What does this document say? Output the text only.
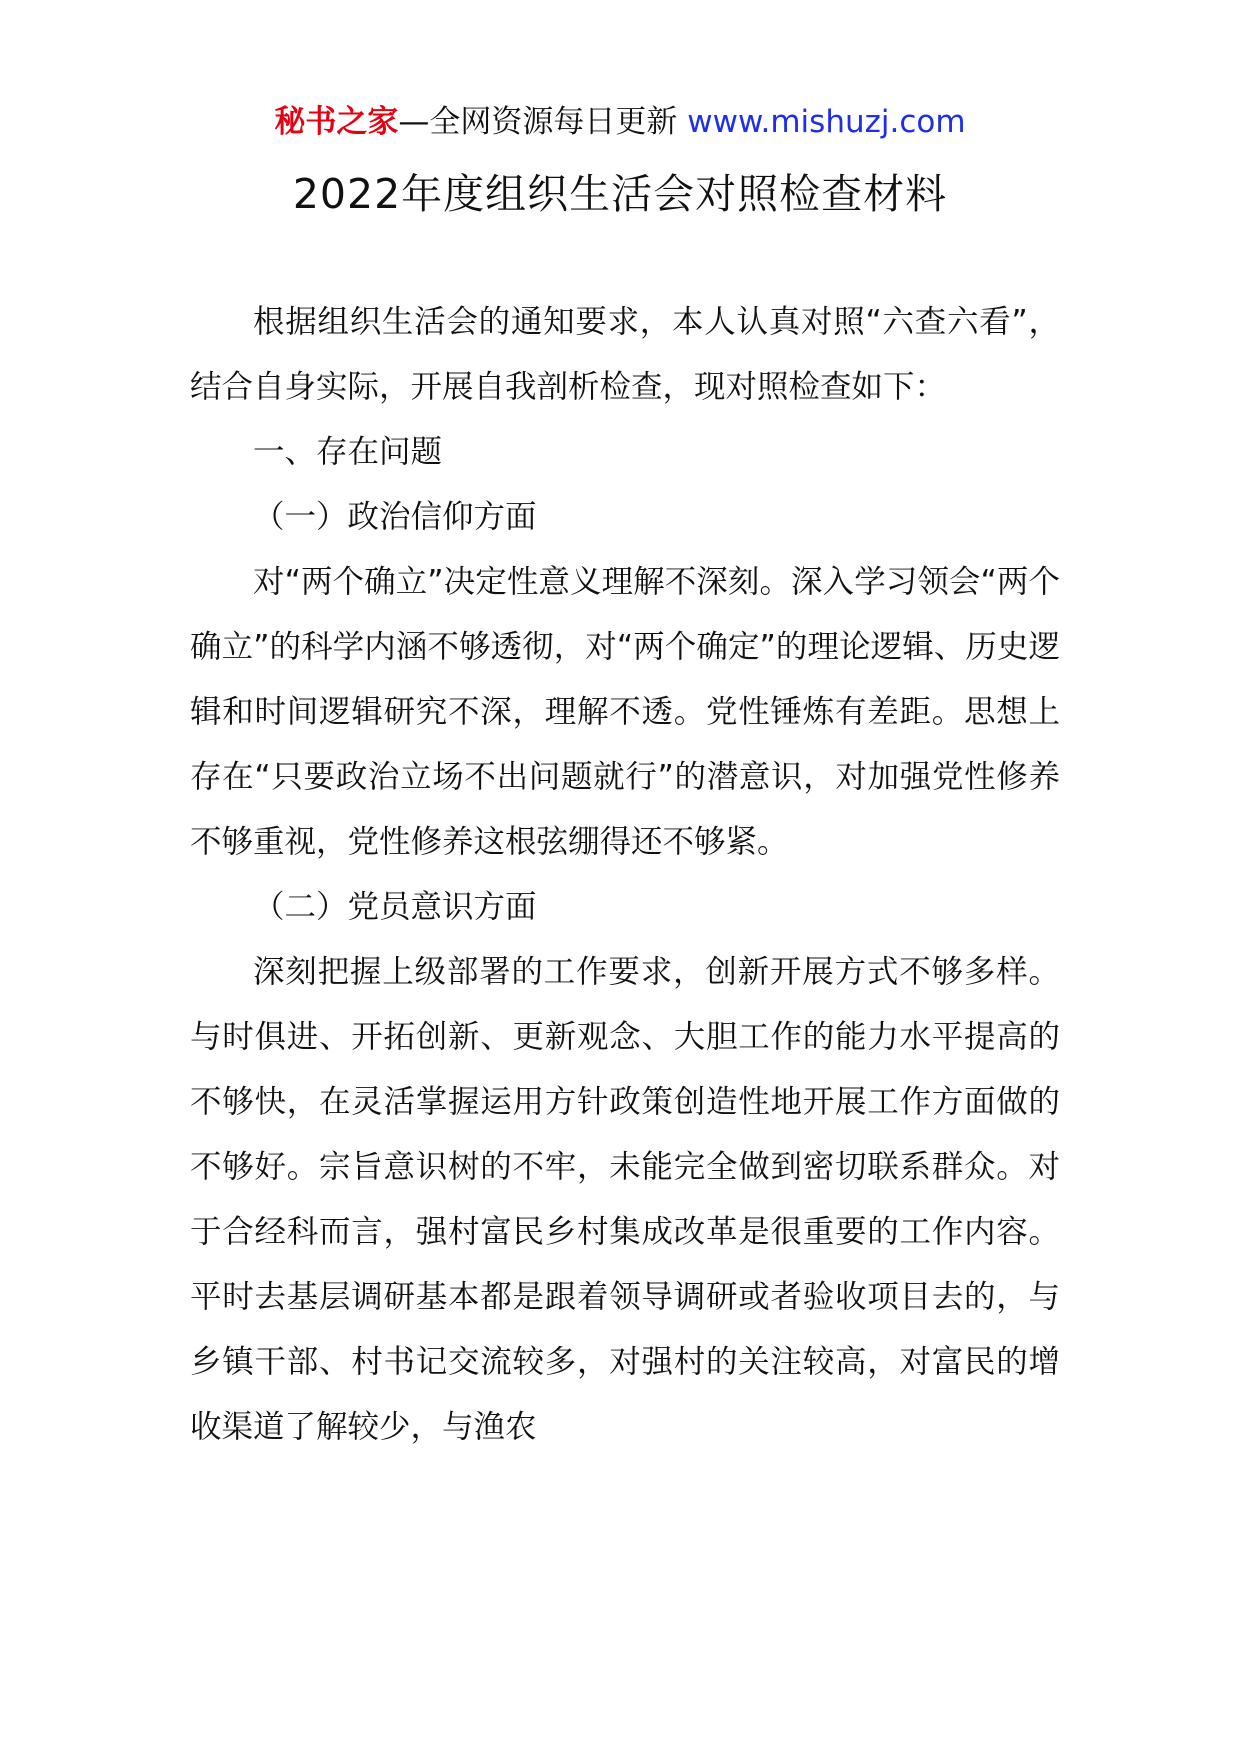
秘书之家—全网资源每日更新 www.mishuzj.com
2022年度组织生活会对照检查材料

根据组织生活会的通知要求，本人认真对照“六查六看”，结合自身实际，开展自我剖析检查，现对照检查如下：

一、存在问题

（一）政治信仰方面

对“两个确立”决定性意义理解不深刻。深入学习领会“两个确立”的科学内涵不够透彻，对“两个确定”的理论逻辑、历史逻辑和时间逻辑研究不深，理解不透。党性锤炼有差距。思想上存在“只要政治立场不出问题就行”的潜意识，对加强党性修养不够重视，党性修养这根弦绷得还不够紧。

（二）党员意识方面

深刻把握上级部署的工作要求，创新开展方式不够多样。与时俱进、开拓创新、更新观念、大胆工作的能力水平提高的不够快，在灵活掌握运用方针政策创造性地开展工作方面做的不够好。宗旨意识树的不牢，未能完全做到密切联系群众。对于合经科而言，强村富民乡村集成改革是很重要的工作内容。平时去基层调研基本都是跟着领导调研或者验收项目去的，与乡镇干部、村书记交流较多，对强村的关注较高，对富民的增收渠道了解较少，与渔农
